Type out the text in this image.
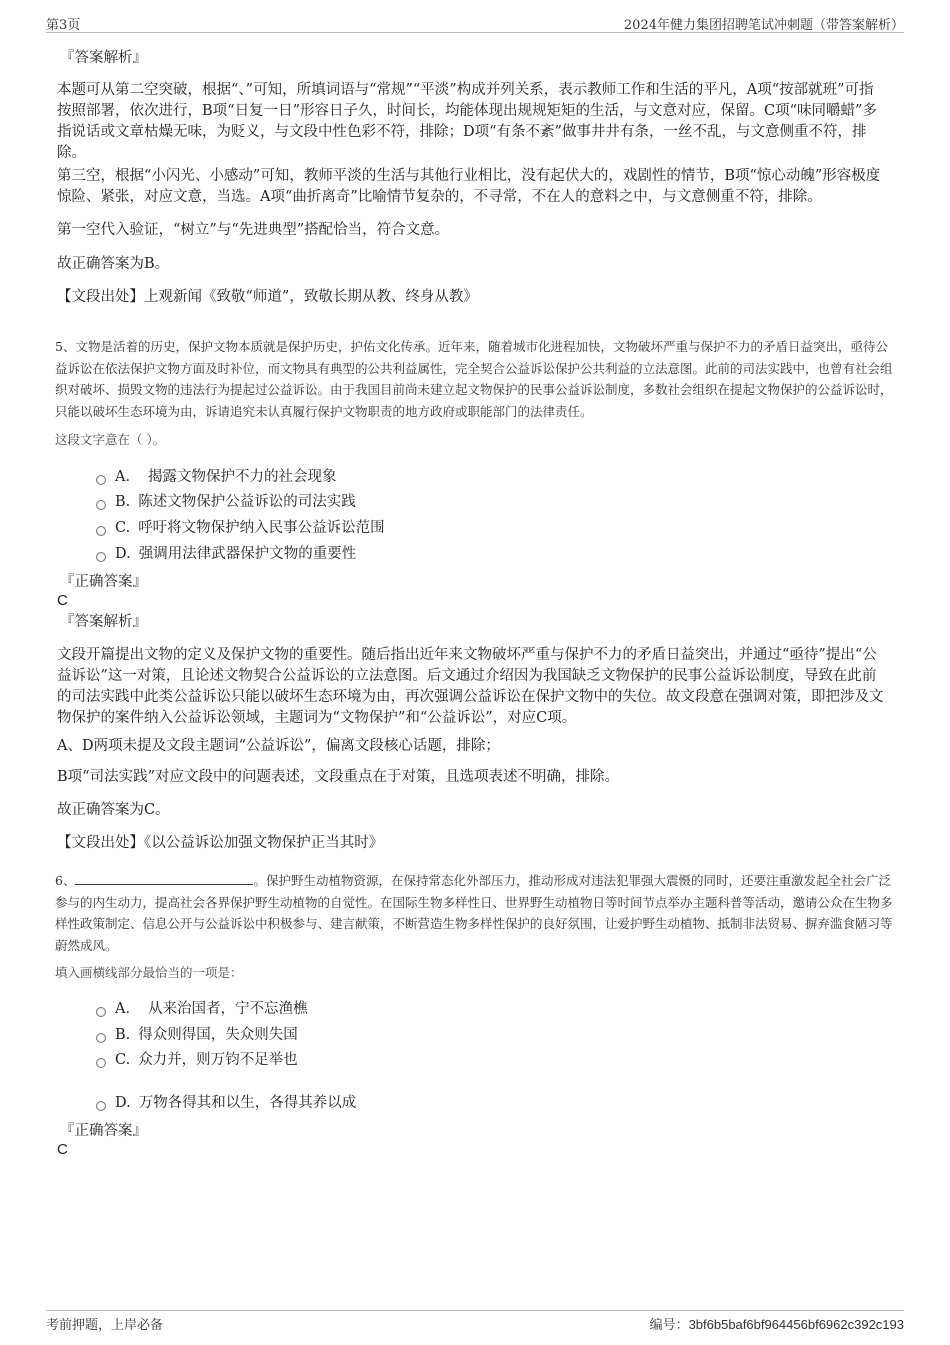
第3页	2024年健力集团招聘笔试冲刺题（带答案解析）

『答案解析』

本题可从第二空突破，根据“、”可知，所填词语与“常规”“平淡”构成并列关系，表示教师工作和生活的平凡，A项“按部就班”可指按照部署，依次进行，B项“日复一日”形容日子久，时间长，均能体现出规规矩矩的生活，与文意对应，保留。C项“味同嚼蜡”多指说话或文章枯燥无味，为贬义，与文段中性色彩不符，排除；D项“有条不紊”做事井井有条，一丝不乱，与文意侧重不符，排除。

第三空，根据“小闪光、小感动”可知，教师平淡的生活与其他行业相比，没有起伏大的，戏剧性的情节，B项“惊心动魄”形容极度惊险、紧张，对应文意，当选。A项“曲折离奇”比喻情节复杂的，不寻常，不在人的意料之中，与文意侧重不符，排除。

第一空代入验证，“树立”与“先进典型”搭配恰当，符合文意。

故正确答案为B。

【文段出处】上观新闻《致敬“师道”，致敬长期从教、终身从教》

5、文物是活着的历史，保护文物本质就是保护历史，护佑文化传承。近年来，随着城市化进程加快，文物破坏严重与保护不力的矛盾日益突出，亟待公益诉讼在依法保护文物方面及时补位，而文物具有典型的公共利益属性，完全契合公益诉讼保护公共利益的立法意图。此前的司法实践中，也曾有社会组织对破坏、损毁文物的违法行为提起过公益诉讼。由于我国目前尚未建立起文物保护的民事公益诉讼制度，多数社会组织在提起文物保护的公益诉讼时，只能以破坏生态环境为由，诉请追究未认真履行保护文物职责的地方政府或职能部门的法律责任。

这段文字意在（ ）。

A． 揭露文物保护不力的社会现象
B. 陈述文物保护公益诉讼的司法实践
C. 呼吁将文物保护纳入民事公益诉讼范围
D. 强调用法律武器保护文物的重要性

『正确答案』

C

『答案解析』

文段开篇提出文物的定义及保护文物的重要性。随后指出近年来文物破坏严重与保护不力的矛盾日益突出，并通过“亟待”提出“公益诉讼”这一对策，且论述文物契合公益诉讼的立法意图。后文通过介绍因为我国缺乏文物保护的民事公益诉讼制度，导致在此前的司法实践中此类公益诉讼只能以破坏生态环境为由，再次强调公益诉讼在保护文物中的失位。故文段意在强调对策，即把涉及文物保护的案件纳入公益诉讼领域，主题词为“文物保护”和“公益诉讼”，对应C项。

A、D两项未提及文段主题词“公益诉讼”，偏离文段核心话题，排除；

B项“司法实践”对应文段中的问题表述，文段重点在于对策，且选项表述不明确，排除。

故正确答案为C。

【文段出处】《以公益诉讼加强文物保护正当其时》

6、	。保护野生动植物资源，在保持常态化外部压力，推动形成对违法犯罪强大震慑的同时，还要注重激发起全社会广泛参与的内生动力，提高社会各界保护野生动植物的自觉性。在国际生物多样性日、世界野生动植物日等时间节点举办主题科普等活动，邀请公众在生物多样性政策制定、信息公开与公益诉讼中积极参与、建言献策，不断营造生物多样性保护的良好氛围，让爱护野生动植物、抵制非法贸易、摒弃滥食陋习等蔚然成风。

填入画横线部分最恰当的一项是：

A． 从来治国者，宁不忘渔樵
B. 得众则得国，失众则失国
C. 众力并，则万钧不足举也
D. 万物各得其和以生，各得其养以成

『正确答案』

C

考前押题，上岸必备	编号：3bf6b5baf6bf964456bf6962c392c193
